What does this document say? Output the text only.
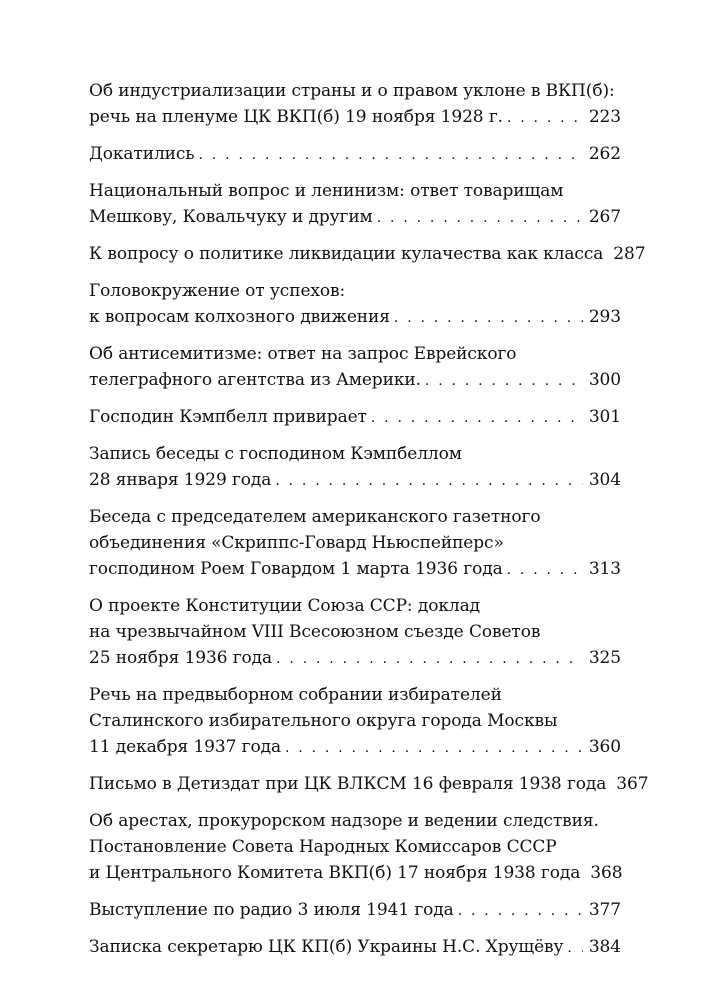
Об индустриализации страны и о правом уклоне в ВКП(б):
речь на пленуме ЦК ВКП(б) 19 ноября 1928 г. . . .	223
Докатились . . .	262
Национальный вопрос и ленинизм: ответ товарищам
Мешкову, Ковальчуку и другим . . .	267
К вопросу о политике ликвидации кулачества как класса 287
Головокружение от успехов:
к вопросам колхозного движения . . .	293
Об антисемитизме: ответ на запрос Еврейского
телеграфного агентства из Америки. . . .	300
Господин Кэмпбелл привирает . . .	301
Запись беседы с господином Кэмпбеллом
28 января 1929 года . . .	304
Беседа с председателем американского газетного
объединения «Скриппс-Говард Ньюспейперс»
господином Роем Говардом 1 марта 1936 года . . .	313
О проекте Конституции Союза ССР: доклад
на чрезвычайном VIII Всесоюзном съезде Советов
25 ноября 1936 года . . .	325
Речь на предвыборном собрании избирателей
Сталинского избирательного округа города Москвы
11 декабря 1937 года . . .	360
Письмо в Детиздат при ЦК ВЛКСМ 16 февраля 1938 года 367
Об арестах, прокурорском надзоре и ведении следствия.
Постановление Совета Народных Комиссаров СССР
и Центрального Комитета ВКП(б) 17 ноября 1938 года 368
Выступление по радио 3 июля 1941 года . . .	377
Записка секретарю ЦК КП(б) Украины Н.С. Хрущёву . . . 384
